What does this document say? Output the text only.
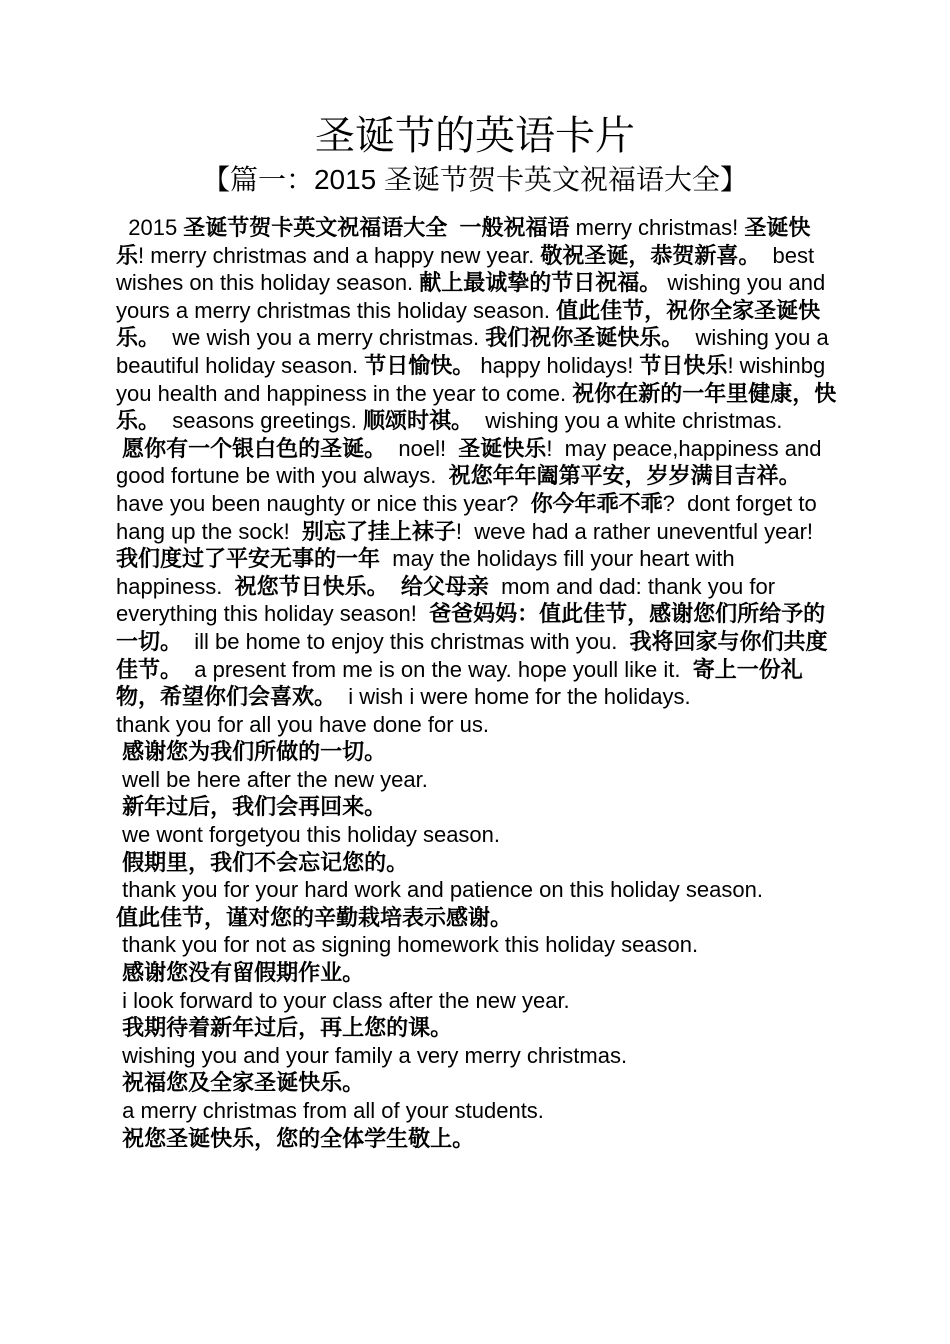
圣诞节的英语卡片
【篇一：2015 圣诞节贺卡英文祝福语大全】

2015 圣诞节贺卡英文祝福语大全  一般祝福语 merry christmas! 圣诞快乐! merry christmas and a happy new year. 敬祝圣诞，恭贺新喜。  best wishes on this holiday season. 献上最诚挚的节日祝福。 wishing you and yours a merry christmas this holiday season. 值此佳节，祝你全家圣诞快乐。  we wish you a merry christmas. 我们祝你圣诞快乐。  wishing you a beautiful holiday season. 节日愉快。 happy holidays! 节日快乐! wishinbg you health and happiness in the year to come. 祝你在新的一年里健康，快乐。  seasons greetings. 顺颂时祺。  wishing you a white christmas.

愿你有一个银白色的圣诞。  noel!  圣诞快乐!  may peace,happiness and good fortune be with you always.  祝您年年阖第平安，岁岁满目吉祥。  have you been naughty or nice this year?  你今年乖不乖?  dont forget to hang up the sock!  别忘了挂上袜子!  weve had a rather uneventful year!  我们度过了平安无事的一年  may the holidays fill your heart with happiness.  祝您节日快乐。  给父母亲  mom and dad: thank you for everything this holiday season!  爸爸妈妈：值此佳节，感谢您们所给予的一切。  ill be home to enjoy this christmas with you.  我将回家与你们共度佳节。  a present from me is on the way. hope youll like it.  寄上一份礼物，希望你们会喜欢。  i wish i were home for the holidays.

thank you for all you have done for us.

感谢您为我们所做的一切。

well be here after the new year.

新年过后，我们会再回来。

we wont forgetyou this holiday season.

假期里，我们不会忘记您的。

thank you for your hard work and patience on this holiday season.

值此佳节，谨对您的辛勤栽培表示感谢。

thank you for not as signing homework this holiday season.

感谢您没有留假期作业。

i look forward to your class after the new year.

我期待着新年过后，再上您的课。

wishing you and your family a very merry christmas.

祝福您及全家圣诞快乐。

a merry christmas from all of your students.

祝您圣诞快乐，您的全体学生敬上。
